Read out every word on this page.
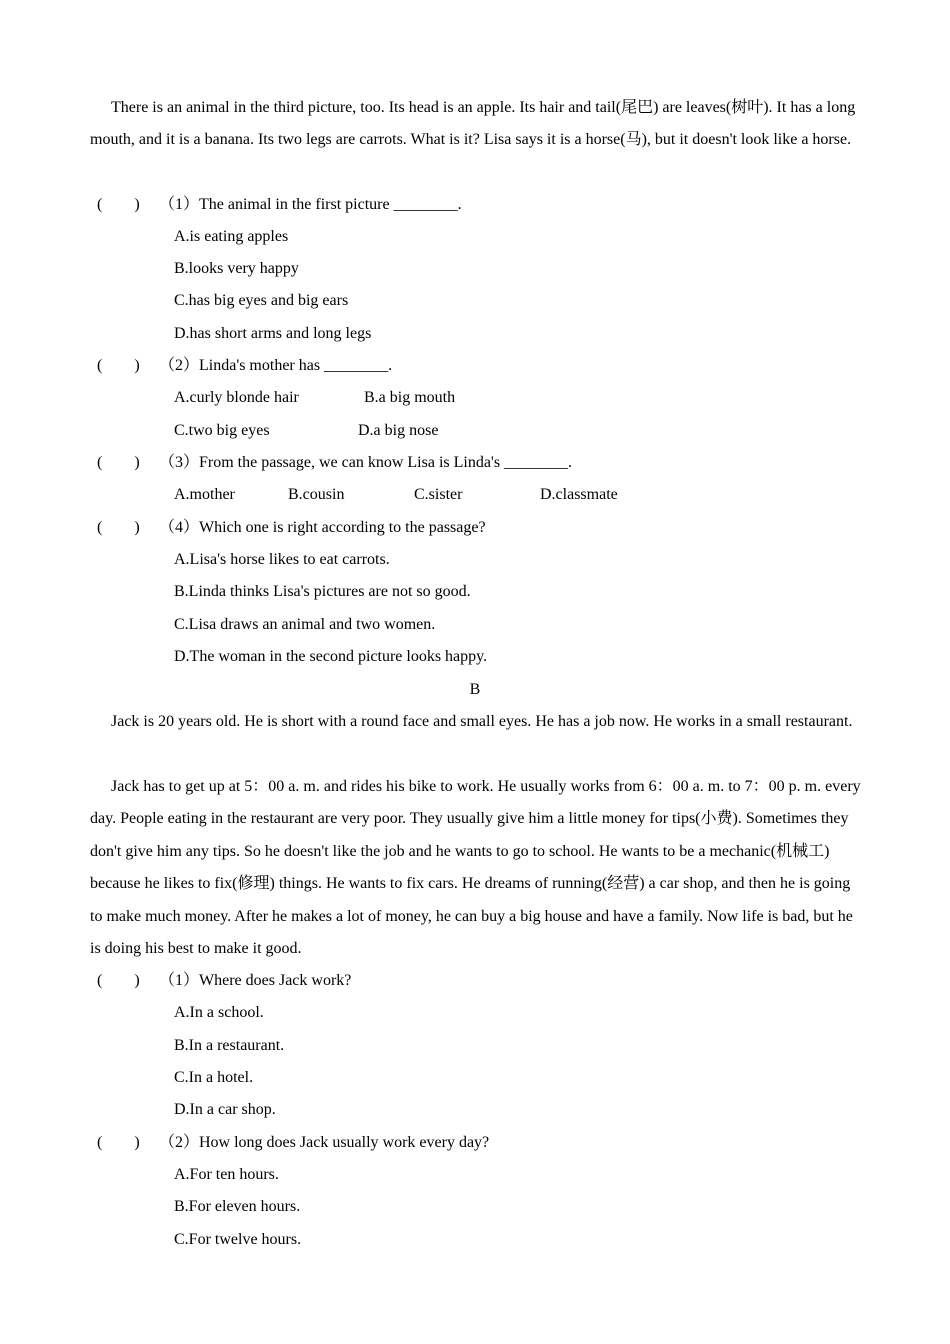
There is an animal in the third picture, too. Its head is an apple. Its hair and tail(尾巴) are leaves(树叶). It has a long mouth, and it is a banana. Its two legs are carrots. What is it? Lisa says it is a horse(马), but it doesn't look like a horse.

(　　) （1）The animal in the first picture ________.
A.is eating apples
B.looks very happy
C.has big eyes and big ears
D.has short arms and long legs
(　　) （2）Linda's mother has ________.
A.curly blonde hair	B.a big mouth
C.two big eyes	D.a big nose
(　　) （3）From the passage, we can know Lisa is Linda's ________.
A.mother	B.cousin	C.sister	D.classmate
(　　) （4）Which one is right according to the passage?
A.Lisa's horse likes to eat carrots.
B.Linda thinks Lisa's pictures are not so good.
C.Lisa draws an animal and two women.
D.The woman in the second picture looks happy.
B

Jack is 20 years old. He is short with a round face and small eyes. He has a job now. He works in a small restaurant.

Jack has to get up at 5：00 a. m. and rides his bike to work. He usually works from 6：00 a. m. to 7：00 p. m. every day. People eating in the restaurant are very poor. They usually give him a little money for tips(小费). Sometimes they don't give him any tips. So he doesn't like the job and he wants to go to school. He wants to be a mechanic(机械工) because he likes to fix(修理) things. He wants to fix cars. He dreams of running(经营) a car shop, and then he is going to make much money. After he makes a lot of money, he can buy a big house and have a family. Now life is bad, but he is doing his best to make it good.

(　　) （1）Where does Jack work?
A.In a school.
B.In a restaurant.
C.In a hotel.
D.In a car shop.
(　　) （2）How long does Jack usually work every day?
A.For ten hours.
B.For eleven hours.
C.For twelve hours.
